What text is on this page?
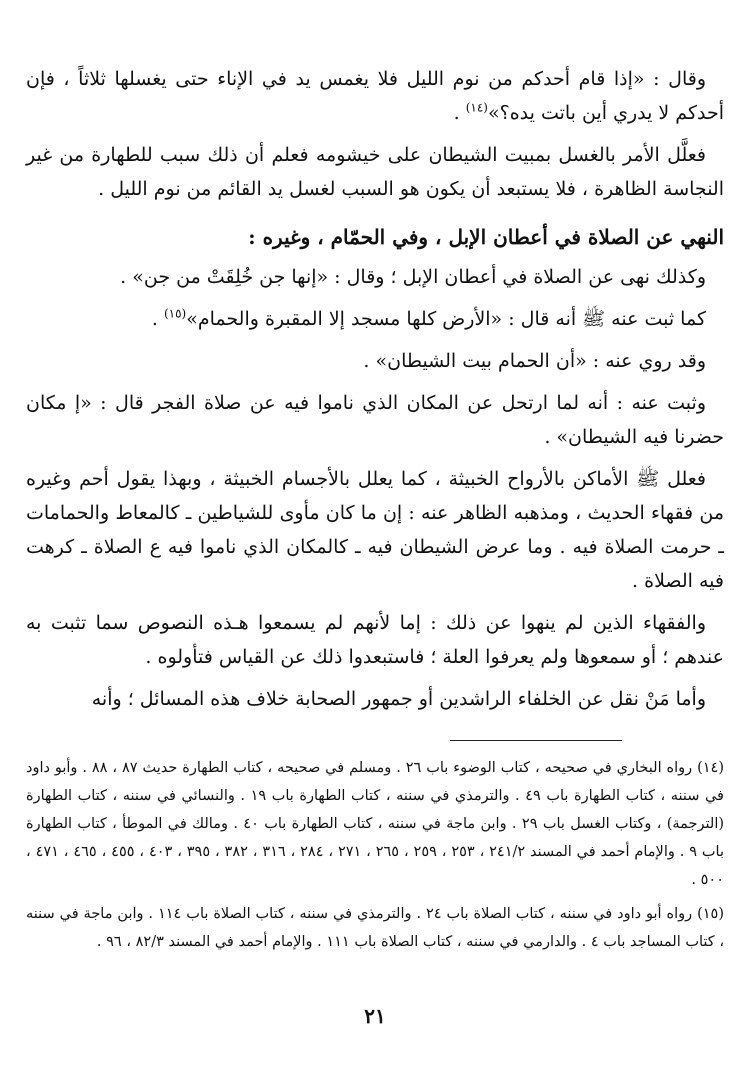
وقال : «إذا قام أحدكم من نوم الليل فلا يغمس يد في الإناء حتى يغسلها ثلاثاً ، فإن أحدكم لا يدري أين باتت يده؟»$^{(١٤)}$ .

فعلَّل الأمر بالغسل بمبيت الشيطان على خيشومه فعلم أن ذلك سبب للطهارة من غير النجاسة الظاهرة ، فلا يستبعد أن يكون هو السبب لغسل يد القائم من نوم الليل .

النهي عن الصلاة في أعطان الإبل ، وفي الحمّام ، وغيره :

وكذلك نهى عن الصلاة في أعطان الإبل ؛ وقال : «إنها جن خُلِقَتْ من جن» .

كما ثبت عنه ﷺ أنه قال : «الأرض كلها مسجد إلا المقبرة والحمام»$^{(١٥)}$ .

وقد روي عنه : «أن الحمام بيت الشيطان» .

وثبت عنه : أنه لما ارتحل عن المكان الذي ناموا فيه عن صلاة الفجر قال : «إ مكان حضرنا فيه الشيطان» .

فعلل ﷺ الأماكن بالأرواح الخبيثة ، كما يعلل بالأجسام الخبيثة ، وبهذا يقول أحم وغيره من فقهاء الحديث ، ومذهبه الظاهر عنه : إن ما كان مأوى للشياطين ـ كالمعاط والحمامات ـ حرمت الصلاة فيه . وما عرض الشيطان فيه ـ كالمكان الذي ناموا فيه ع الصلاة ـ كرهت فيه الصلاة .

والفقهاء الذين لم ينهوا عن ذلك : إما لأنهم لم يسمعوا هـذه النصوص سما تثبت به عندهم ؛ أو سمعوها ولم يعرفوا العلة ؛ فاستبعدوا ذلك عن القياس فتأولوه .

وأما مَنْ نقل عن الخلفاء الراشدين أو جمهور الصحابة خلاف هذه المسائل ؛ وأنه

(١٤) رواه البخاري في صحيحه ، كتاب الوضوء باب ٢٦ . ومسلم في صحيحه ، كتاب الطهارة حديث ٨٧ ، ٨٨ . وأبو داود في سننه ، كتاب الطهارة باب ٤٩ . والترمذي في سننه ، كتاب الطهارة باب ١٩ . والنسائي في سننه ، كتاب الطهارة (الترجمة) ، وكتاب الغسل باب ٢٩ . وابن ماجة في سننه ، كتاب الطهارة باب ٤٠ . ومالك في الموطأ ، كتاب الطهارة باب ٩ . والإمام أحمد في المسند ٢٤١/٢ ، ٢٥٣ ، ٢٥٩ ، ٢٦٥ ، ٢٧١ ، ٢٨٤ ، ٣١٦ ، ٣٨٢ ، ٣٩٥ ، ٤٠٣ ، ٤٥٥ ، ٤٦٥ ، ٤٧١ ، ٥٠٠ .

(١٥) رواه أبو داود في سننه ، كتاب الصلاة باب ٢٤ . والترمذي في سننه ، كتاب الصلاة باب ١١٤ . وابن ماجة في سننه ، كتاب المساجد باب ٤ . والدارمي في سننه ، كتاب الصلاة باب ١١١ . والإمام أحمد في المسند ٨٢/٣ ، ٩٦ .

٢١
